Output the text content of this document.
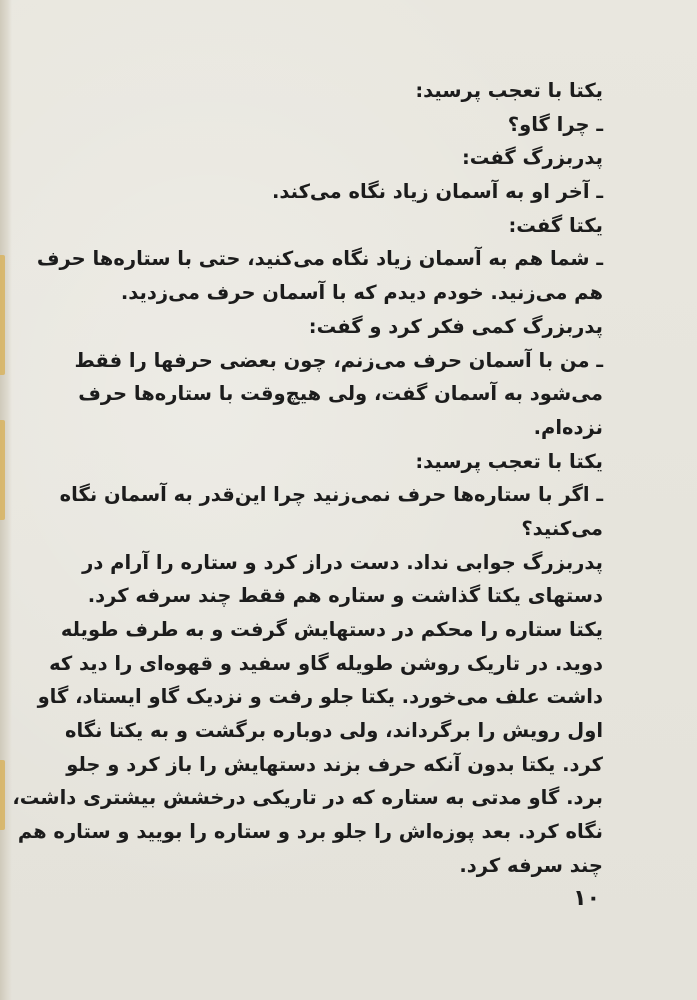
یکتا با تعجب پرسید:
ـ چرا گاو؟
پدربزرگ گفت:
ـ آخر او به آسمان زیاد نگاه می‌کند.
یکتا گفت:
ـ شما هم به آسمان زیاد نگاه می‌کنید، حتی با ستاره‌ها حرف
هم می‌زنید. خودم دیدم که با آسمان حرف می‌زدید.
پدربزرگ کمی فکر کرد و گفت:
ـ من با آسمان حرف می‌زنم، چون بعضی حرفها را فقط
می‌شود به آسمان گفت، ولی هیچ‌وقت با ستاره‌ها حرف
نزده‌ام.
یکتا با تعجب پرسید:
ـ اگر با ستاره‌ها حرف نمی‌زنید چرا این‌قدر به آسمان نگاه
می‌کنید؟
پدربزرگ جوابی نداد. دست دراز کرد و ستاره را آرام در
دستهای یکتا گذاشت و ستاره هم فقط چند سرفه کرد.
یکتا ستاره را محکم در دستهایش گرفت و به طرف طویله
دوید. در تاریک روشن طویله گاو سفید و قهوه‌ای را دید که
داشت علف می‌خورد. یکتا جلو رفت و نزدیک گاو ایستاد، گاو
اول رویش را برگرداند، ولی دوباره برگشت و به یکتا نگاه
کرد. یکتا بدون آنکه حرف بزند دستهایش را باز کرد و جلو
برد. گاو مدتی به ستاره که در تاریکی درخشش بیشتری داشت،
نگاه کرد. بعد پوزه‌اش را جلو برد و ستاره را بویید و ستاره هم
چند سرفه کرد.
۱۰
